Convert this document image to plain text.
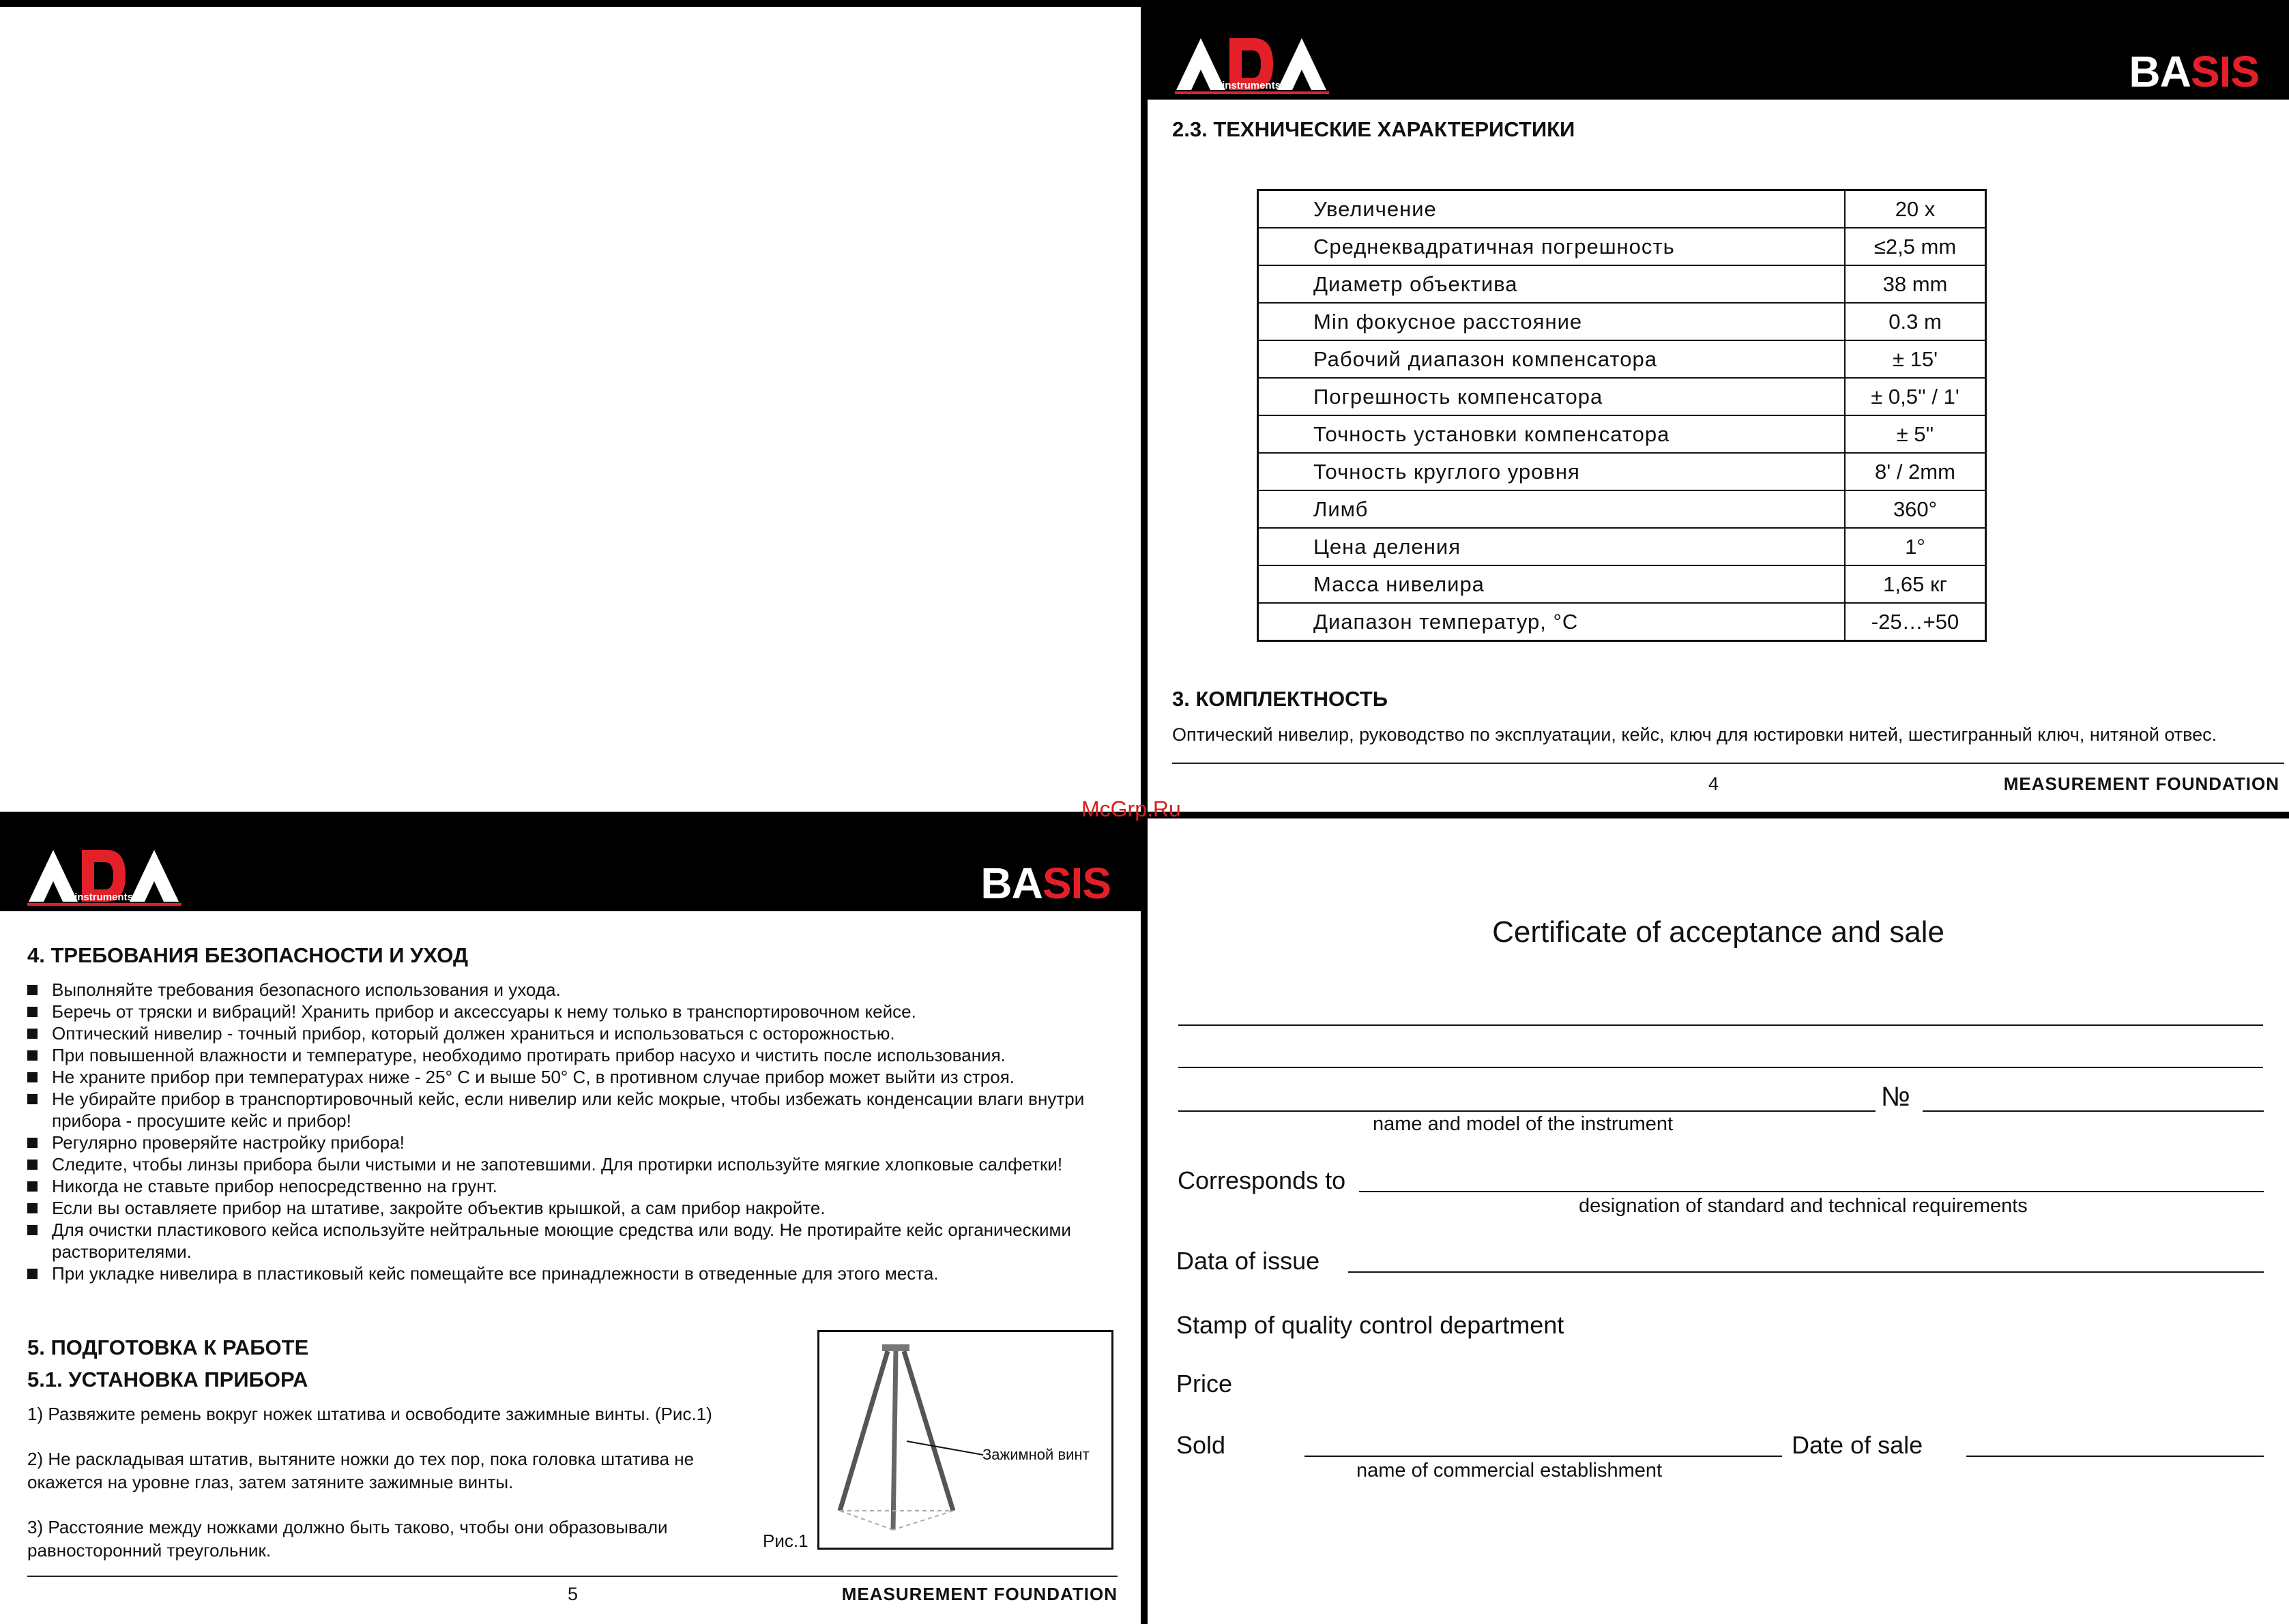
instruments	BASIS
2.3. ТЕХНИЧЕСКИЕ ХАРАКТЕРИСТИКИ
Увеличение	20 x
Среднеквадратичная погрешность	≤2,5 mm
Диаметр объектива	38 mm
Min фокусное расстояние	0.3 m
Рабочий диапазон компенсатора	± 15'
Погрешность компенсатора	± 0,5'' / 1'
Точность установки компенсатора	± 5''
Точность круглого уровня	8' / 2mm
Лимб	360°
Цена деления	1°
Масса нивелира	1,65 кг
Диапазон температур, °C	-25…+50
3. КОМПЛЕКТНОСТЬ
Оптический нивелир, руководство по эксплуатации, кейс, ключ для юстировки нитей, шестигранный ключ, нитяной отвес.
4	MEASUREMENT FOUNDATION
instruments	BASIS
4. ТРЕБОВАНИЯ БЕЗОПАСНОСТИ И УХОД
Выполняйте требования безопасного использования и ухода.
Беречь от тряски и вибраций! Хранить прибор и аксессуары к нему только в транспортировочном кейсе.
Оптический нивелир - точный прибор, который должен храниться и использоваться с осторожностью.
При повышенной влажности и температуре, необходимо протирать прибор насухо и чистить после использования.
Не храните прибор при температурах ниже - 25° С и выше 50° С, в противном случае прибор может выйти из строя.
Не убирайте прибор в транспортировочный кейс, если нивелир или кейс мокрые, чтобы избежать конденсации влаги внутри прибора - просушите кейс и прибор!
Регулярно проверяйте настройку прибора!
Следите, чтобы линзы прибора были чистыми и не запотевшими. Для протирки используйте мягкие хлопковые салфетки!
Никогда не ставьте прибор непосредственно на грунт.
Если вы оставляете прибор на штативе, закройте объектив крышкой, а сам прибор накройте.
Для очистки пластикового кейса используйте нейтральные моющие средства или воду. Не протирайте кейс органическими растворителями.
При укладке нивелира в пластиковый кейс помещайте все принадлежности в отведенные для этого места.
5. ПОДГОТОВКА К РАБОТЕ
5.1. УСТАНОВКА ПРИБОРА
1) Развяжите ремень вокруг ножек штатива и освободите зажимные винты. (Рис.1)
2) Не раскладывая штатив, вытяните ножки до тех пор, пока головка штатива не окажется на уровне глаз, затем затяните зажимные винты.
3) Расстояние между ножками должно быть таково, чтобы они образовывали равносторонний треугольник.
Зажимной винт
Рис.1
5	MEASUREMENT FOUNDATION
Certificate of acceptance and sale
№
name and model of the instrument
Corresponds to
designation of standard and technical requirements
Data of issue
Stamp of quality control department
Price
Sold	Date of sale
name of commercial establishment
McGrp.Ru
